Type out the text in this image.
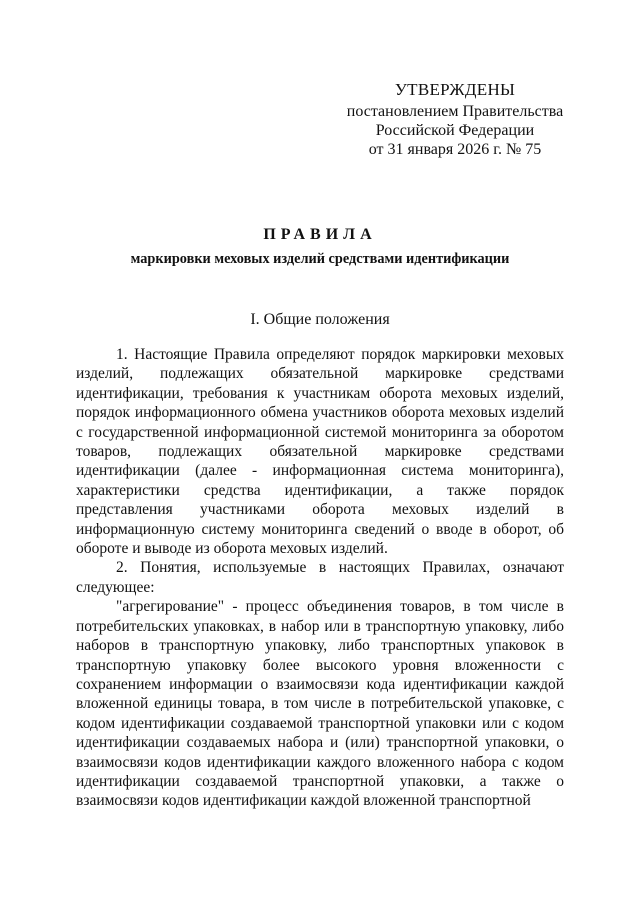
УТВЕРЖДЕНЫ
постановлением Правительства
Российской Федерации
от 31 января 2026 г. № 75
ПРАВИЛА
маркировки меховых изделий средствами идентификации
I. Общие положения

1. Настоящие Правила определяют порядок маркировки меховых изделий, подлежащих обязательной маркировке средствами идентификации, требования к участникам оборота меховых изделий, порядок информационного обмена участников оборота меховых изделий с государственной информационной системой мониторинга за оборотом товаров, подлежащих обязательной маркировке средствами идентификации (далее - информационная система мониторинга), характеристики средства идентификации, а также порядок представления участниками оборота меховых изделий в информационную систему мониторинга сведений о вводе в оборот, об обороте и выводе из оборота меховых изделий.

2. Понятия, используемые в настоящих Правилах, означают следующее:

"агрегирование" - процесс объединения товаров, в том числе в потребительских упаковках, в набор или в транспортную упаковку, либо наборов в транспортную упаковку, либо транспортных упаковок в транспортную упаковку более высокого уровня вложенности с сохранением информации о взаимосвязи кода идентификации каждой вложенной единицы товара, в том числе в потребительской упаковке, с кодом идентификации создаваемой транспортной упаковки или с кодом идентификации создаваемых набора и (или) транспортной упаковки, о взаимосвязи кодов идентификации каждого вложенного набора с кодом идентификации создаваемой транспортной упаковки, а также о взаимосвязи кодов идентификации каждой вложенной транспортной
